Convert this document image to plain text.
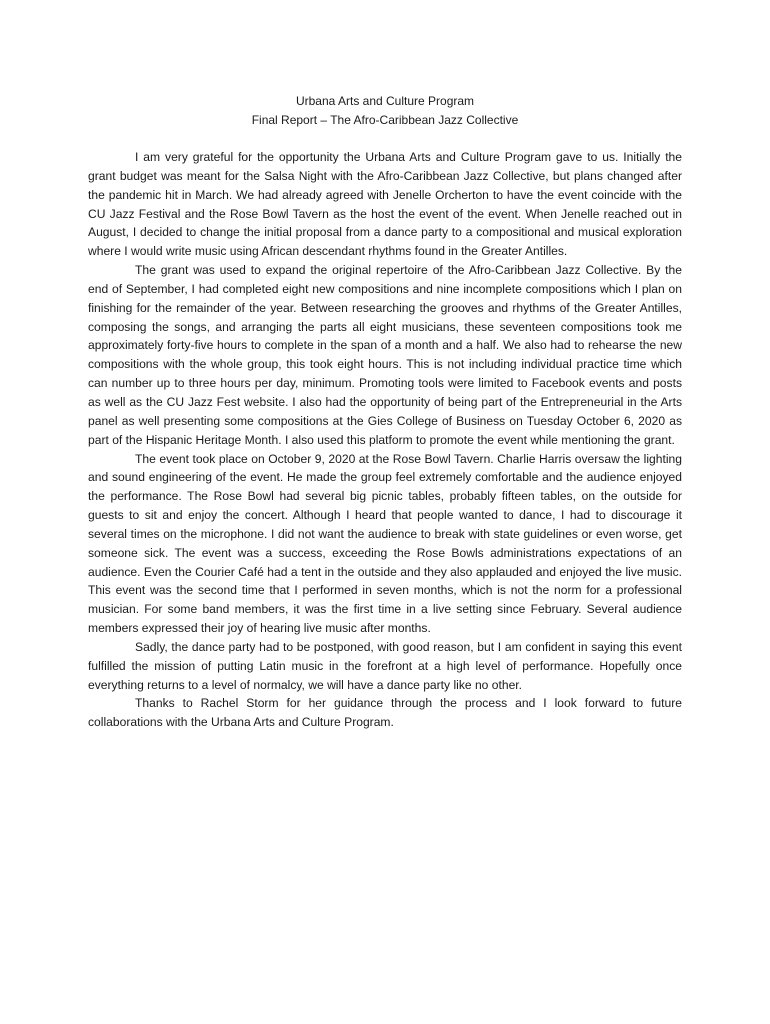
Urbana Arts and Culture Program
Final Report – The Afro-Caribbean Jazz Collective

I am very grateful for the opportunity the Urbana Arts and Culture Program gave to us. Initially the grant budget was meant for the Salsa Night with the Afro-Caribbean Jazz Collective, but plans changed after the pandemic hit in March. We had already agreed with Jenelle Orcherton to have the event coincide with the CU Jazz Festival and the Rose Bowl Tavern as the host the event of the event. When Jenelle reached out in August, I decided to change the initial proposal from a dance party to a compositional and musical exploration where I would write music using African descendant rhythms found in the Greater Antilles.

The grant was used to expand the original repertoire of the Afro-Caribbean Jazz Collective. By the end of September, I had completed eight new compositions and nine incomplete compositions which I plan on finishing for the remainder of the year. Between researching the grooves and rhythms of the Greater Antilles, composing the songs, and arranging the parts all eight musicians, these seventeen compositions took me approximately forty-five hours to complete in the span of a month and a half. We also had to rehearse the new compositions with the whole group, this took eight hours. This is not including individual practice time which can number up to three hours per day, minimum. Promoting tools were limited to Facebook events and posts as well as the CU Jazz Fest website. I also had the opportunity of being part of the Entrepreneurial in the Arts panel as well presenting some compositions at the Gies College of Business on Tuesday October 6, 2020 as part of the Hispanic Heritage Month. I also used this platform to promote the event while mentioning the grant.

The event took place on October 9, 2020 at the Rose Bowl Tavern. Charlie Harris oversaw the lighting and sound engineering of the event. He made the group feel extremely comfortable and the audience enjoyed the performance. The Rose Bowl had several big picnic tables, probably fifteen tables, on the outside for guests to sit and enjoy the concert. Although I heard that people wanted to dance, I had to discourage it several times on the microphone. I did not want the audience to break with state guidelines or even worse, get someone sick. The event was a success, exceeding the Rose Bowls administrations expectations of an audience. Even the Courier Café had a tent in the outside and they also applauded and enjoyed the live music. This event was the second time that I performed in seven months, which is not the norm for a professional musician. For some band members, it was the first time in a live setting since February. Several audience members expressed their joy of hearing live music after months.

Sadly, the dance party had to be postponed, with good reason, but I am confident in saying this event fulfilled the mission of putting Latin music in the forefront at a high level of performance. Hopefully once everything returns to a level of normalcy, we will have a dance party like no other.

Thanks to Rachel Storm for her guidance through the process and I look forward to future collaborations with the Urbana Arts and Culture Program.
